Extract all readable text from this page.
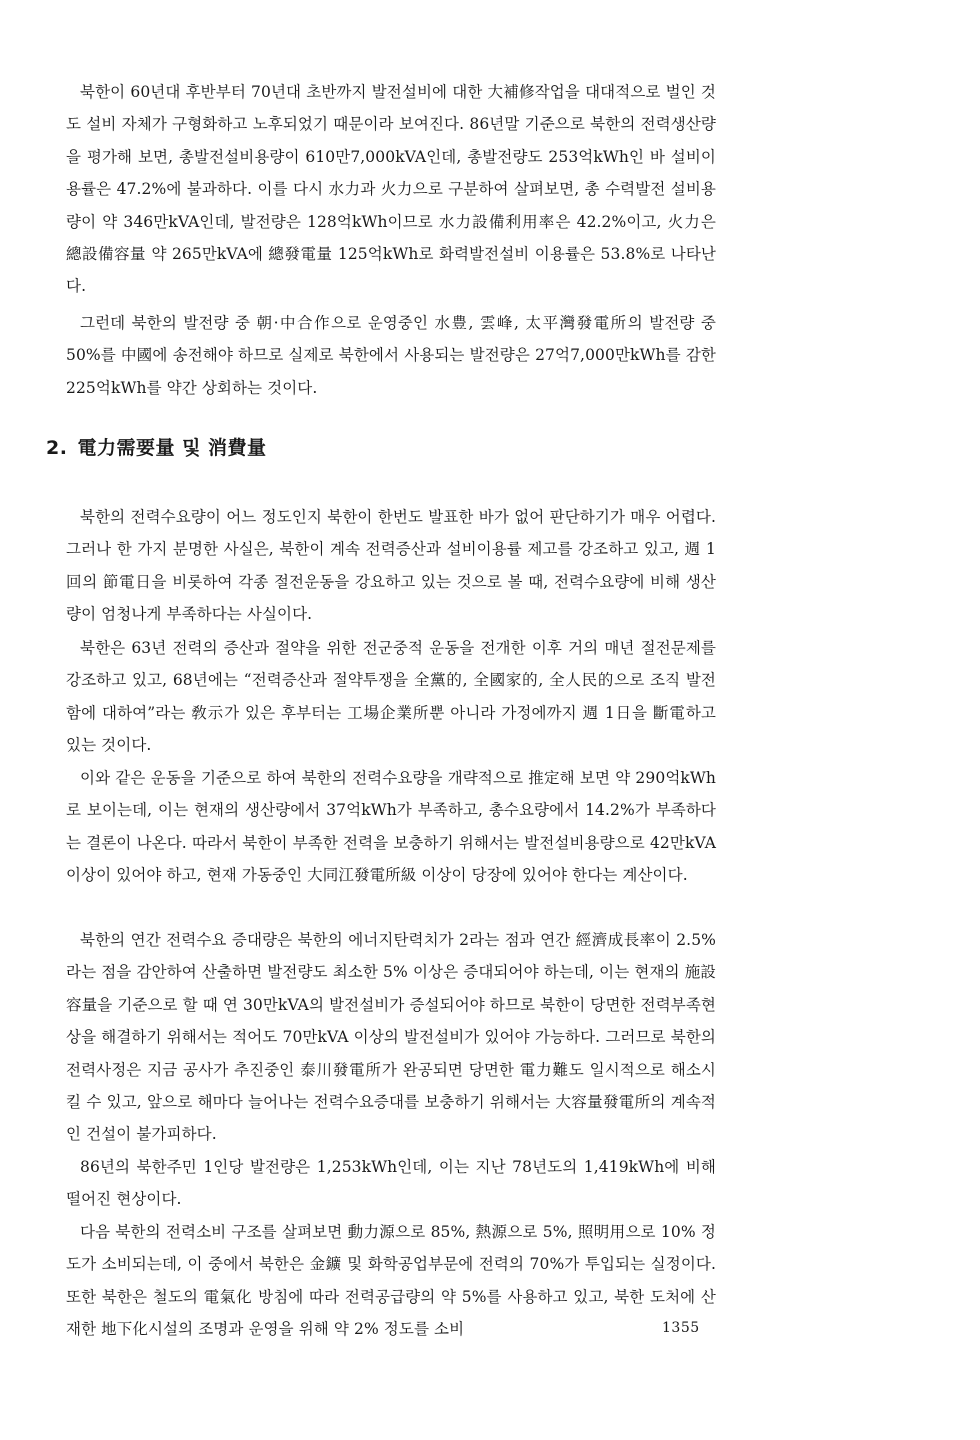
북한이 60년대 후반부터 70년대 초반까지 발전설비에 대한 大補修작업을 대대적으로 벌인 것도 설비 자체가 구형화하고 노후되었기 때문이라 보여진다. 86년말 기준으로 북한의 전력생산량을 평가해 보면, 총발전설비용량이 610만7,000kVA인데, 총발전량도 253억kWh인 바 설비이용률은 47.2%에 불과하다. 이를 다시 水力과 火力으로 구분하여 살펴보면, 총 수력발전 설비용량이 약 346만kVA인데, 발전량은 128억kWh이므로 水力設備利用率은 42.2%이고, 火力은 總設備容量 약 265만kVA에 總發電量 125억kWh로 화력발전설비 이용률은 53.8%로 나타난다.

그런데 북한의 발전량 중 朝·中合作으로 운영중인 水豊, 雲峰, 太平灣發電所의 발전량 중 50%를 中國에 송전해야 하므로 실제로 북한에서 사용되는 발전량은 27억7,000만kWh를 감한 225억kWh를 약간 상회하는 것이다.

2. 電力需要量 및 消費量

북한의 전력수요량이 어느 정도인지 북한이 한번도 발표한 바가 없어 판단하기가 매우 어렵다. 그러나 한 가지 분명한 사실은, 북한이 계속 전력증산과 설비이용률 제고를 강조하고 있고, 週 1回의 節電日을 비롯하여 각종 절전운동을 강요하고 있는 것으로 볼 때, 전력수요량에 비해 생산량이 엄청나게 부족하다는 사실이다.

북한은 63년 전력의 증산과 절약을 위한 전군중적 운동을 전개한 이후 거의 매년 절전문제를 강조하고 있고, 68년에는 “전력증산과 절약투쟁을 全黨的, 全國家的, 全人民的으로 조직 발전함에 대하여”라는 敎示가 있은 후부터는 工場企業所뿐 아니라 가정에까지 週 1日을 斷電하고 있는 것이다.

이와 같은 운동을 기준으로 하여 북한의 전력수요량을 개략적으로 推定해 보면 약 290억kWh로 보이는데, 이는 현재의 생산량에서 37억kWh가 부족하고, 총수요량에서 14.2%가 부족하다는 결론이 나온다. 따라서 북한이 부족한 전력을 보충하기 위해서는 발전설비용량으로 42만kVA 이상이 있어야 하고, 현재 가동중인 大同江發電所級 이상이 당장에 있어야 한다는 계산이다.

북한의 연간 전력수요 증대량은 북한의 에너지탄력치가 2라는 점과 연간 經濟成長率이 2.5%라는 점을 감안하여 산출하면 발전량도 최소한 5% 이상은 증대되어야 하는데, 이는 현재의 施設容量을 기준으로 할 때 연 30만kVA의 발전설비가 증설되어야 하므로 북한이 당면한 전력부족현상을 해결하기 위해서는 적어도 70만kVA 이상의 발전설비가 있어야 가능하다. 그러므로 북한의 전력사정은 지금 공사가 추진중인 泰川發電所가 완공되면 당면한 電力難도 일시적으로 해소시킬 수 있고, 앞으로 해마다 늘어나는 전력수요증대를 보충하기 위해서는 大容量發電所의 계속적인 건설이 불가피하다.

86년의 북한주민 1인당 발전량은 1,253kWh인데, 이는 지난 78년도의 1,419kWh에 비해 떨어진 현상이다.

다음 북한의 전력소비 구조를 살펴보면 動力源으로 85%, 熱源으로 5%, 照明用으로 10% 정도가 소비되는데, 이 중에서 북한은 金鑛 및 화학공업부문에 전력의 70%가 투입되는 실정이다. 또한 북한은 철도의 電氣化 방침에 따라 전력공급량의 약 5%를 사용하고 있고, 북한 도처에 산재한 地下化시설의 조명과 운영을 위해 약 2% 정도를 소비	1355
